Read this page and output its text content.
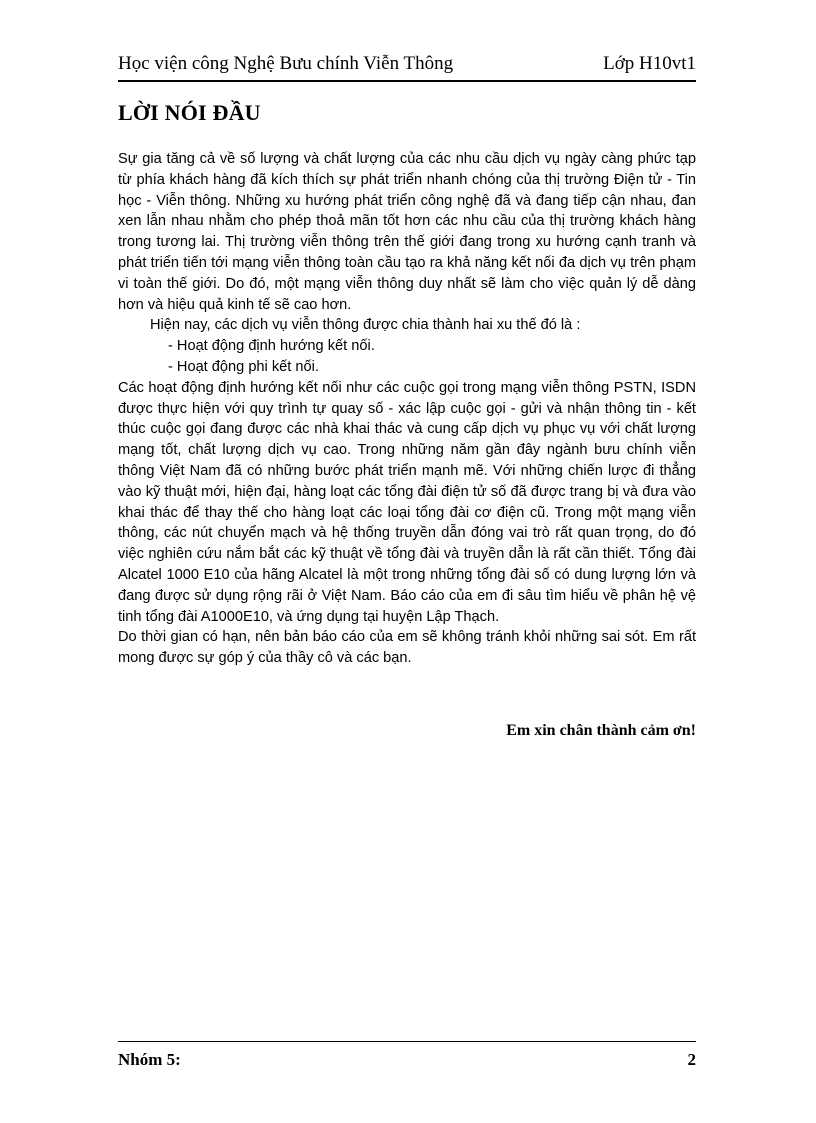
Học viện công Nghệ Bưu chính Viễn Thông	Lớp H10vt1
LỜI NÓI ĐẦU

Sự gia tăng cả về số lượng và chất lượng của các nhu cầu dịch vụ ngày càng phức tạp từ phía khách hàng đã kích thích sự phát triển nhanh chóng của thị trường Điện tử - Tin học - Viễn thông. Những xu hướng phát triển công nghệ đã và đang tiếp cận nhau, đan xen lẫn nhau nhằm cho phép thoả mãn tốt hơn các nhu cầu của thị trường khách hàng trong tương lai. Thị trường viễn thông trên thế giới đang trong xu hướng cạnh tranh và phát triển tiến tới mạng viễn thông toàn cầu tạo ra khả năng kết nối đa dịch vụ trên phạm vi toàn thế giới. Do đó, một mạng viễn thông duy nhất sẽ làm cho việc quản lý dễ dàng hơn và hiệu quả kinh tế sẽ cao hơn.

Hiện nay, các dịch vụ viễn thông được chia thành hai xu thế đó là :

- Hoạt động định hướng kết nối.

- Hoạt động phi kết nối.

Các hoạt động định hướng kết nối như các cuộc gọi trong mạng viễn thông PSTN, ISDN được thực hiện với quy trình tự quay số - xác lập cuộc gọi - gửi và nhận thông tin - kết thúc cuộc gọi đang được các nhà khai thác và cung cấp dịch vụ phục vụ với chất lượng mạng tốt, chất lượng dịch vụ cao. Trong những năm gần đây ngành bưu chính viễn thông Việt Nam đã có những bước phát triển mạnh mẽ. Với những chiến lược đi thẳng vào kỹ thuật mới, hiện đại, hàng loạt các tổng đài điện tử số đã được trang bị và đưa vào khai thác để thay thế cho hàng loạt các loại tổng đài cơ điện cũ. Trong một mạng viễn thông, các nút chuyển mạch và hệ thống truyền dẫn đóng vai trò rất quan trọng, do đó việc nghiên cứu nắm bắt các kỹ thuật về tổng đài và truyền dẫn là rất cần thiết. Tổng đài Alcatel 1000 E10 của hãng Alcatel là một trong những tổng đài số có dung lượng lớn và đang được sử dụng rộng rãi ở Việt Nam. Báo cáo của em đi sâu tìm hiểu về phân hệ vệ tinh tổng đài A1000E10, và ứng dụng tại huyện Lập Thạch.

Do thời gian có hạn, nên bản báo cáo của em sẽ không tránh khỏi những sai sót. Em rất mong được sự góp ý của thầy cô và các bạn.

Em xin chân thành cảm ơn!
Nhóm 5:	2
